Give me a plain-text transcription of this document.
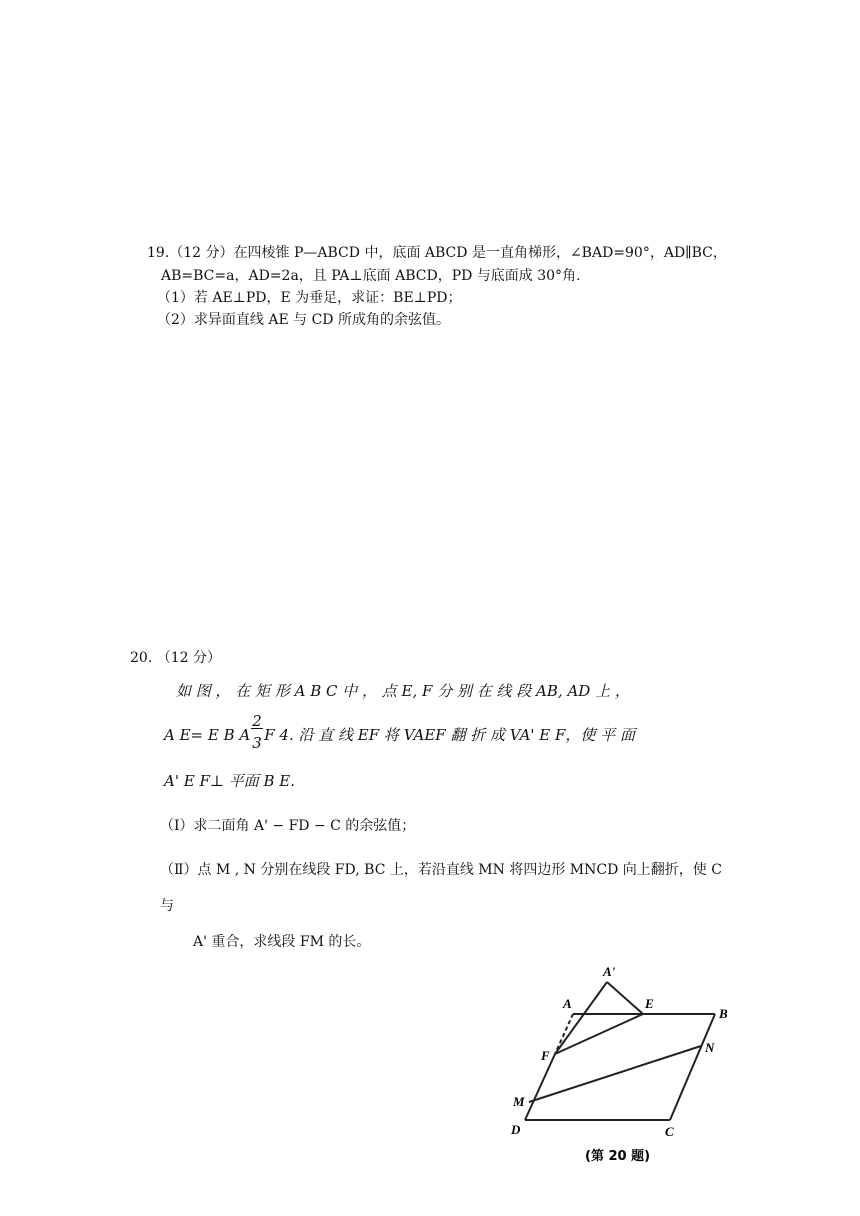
19.（12 分）在四棱锥 P—ABCD 中，底面 ABCD 是一直角梯形，∠BAD=90°，AD∥BC，
AB=BC=a，AD=2a，且 PA⊥底面 ABCD，PD 与底面成 30°角.
（1）若 AE⊥PD，E 为垂足，求证：BE⊥PD；
（2）求异面直线 AE 与 CD 所成角的余弦值。
20. （12 分）
如 图 ， 在 矩 形 A B C 中 ， 点 E, F 分 别 在 线 段 AB, AD 上 ，
A E= E B A $\frac{2}{3}$ F 4. 沿 直 线 EF 将 VAEF 翻 折 成 VA' E F，使 平 面
A' E F⊥ 平面 B E.
（Ⅰ）求二面角 A' − FD − C 的余弦值；
（Ⅱ）点 M , N 分别在线段 FD, BC 上，若沿直线 MN 将四边形 MNCD 向上翻折，使 C
与
A' 重合，求线段 FM 的长。
A'
A	E
B
F
N
M
D	C
(第 20 题)
